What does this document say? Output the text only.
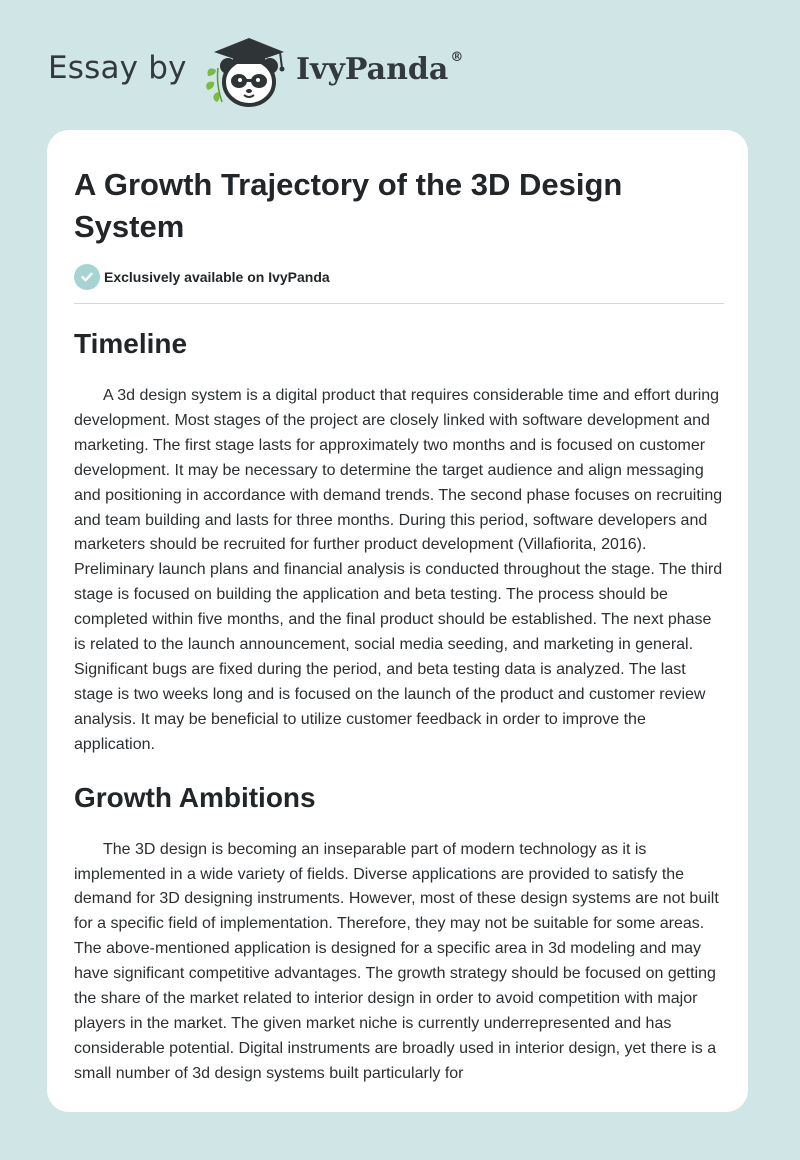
Essay by	IvyPanda ®
A Growth Trajectory of the 3D Design System
Exclusively available on IvyPanda
Timeline

A 3d design system is a digital product that requires considerable time and effort during development. Most stages of the project are closely linked with software development and marketing. The first stage lasts for approximately two months and is focused on customer development. It may be necessary to determine the target audience and align messaging and positioning in accordance with demand trends. The second phase focuses on recruiting and team building and lasts for three months. During this period, software developers and marketers should be recruited for further product development (Villafiorita, 2016). Preliminary launch plans and financial analysis is conducted throughout the stage. The third stage is focused on building the application and beta testing. The process should be completed within five months, and the final product should be established. The next phase is related to the launch announcement, social media seeding, and marketing in general. Significant bugs are fixed during the period, and beta testing data is analyzed. The last stage is two weeks long and is focused on the launch of the product and customer review analysis. It may be beneficial to utilize customer feedback in order to improve the application.

Growth Ambitions

The 3D design is becoming an inseparable part of modern technology as it is implemented in a wide variety of fields. Diverse applications are provided to satisfy the demand for 3D designing instruments. However, most of these design systems are not built for a specific field of implementation. Therefore, they may not be suitable for some areas. The above-mentioned application is designed for a specific area in 3d modeling and may have significant competitive advantages. The growth strategy should be focused on getting the share of the market related to interior design in order to avoid competition with major players in the market. The given market niche is currently underrepresented and has considerable potential. Digital instruments are broadly used in interior design, yet there is a small number of 3d design systems built particularly for
